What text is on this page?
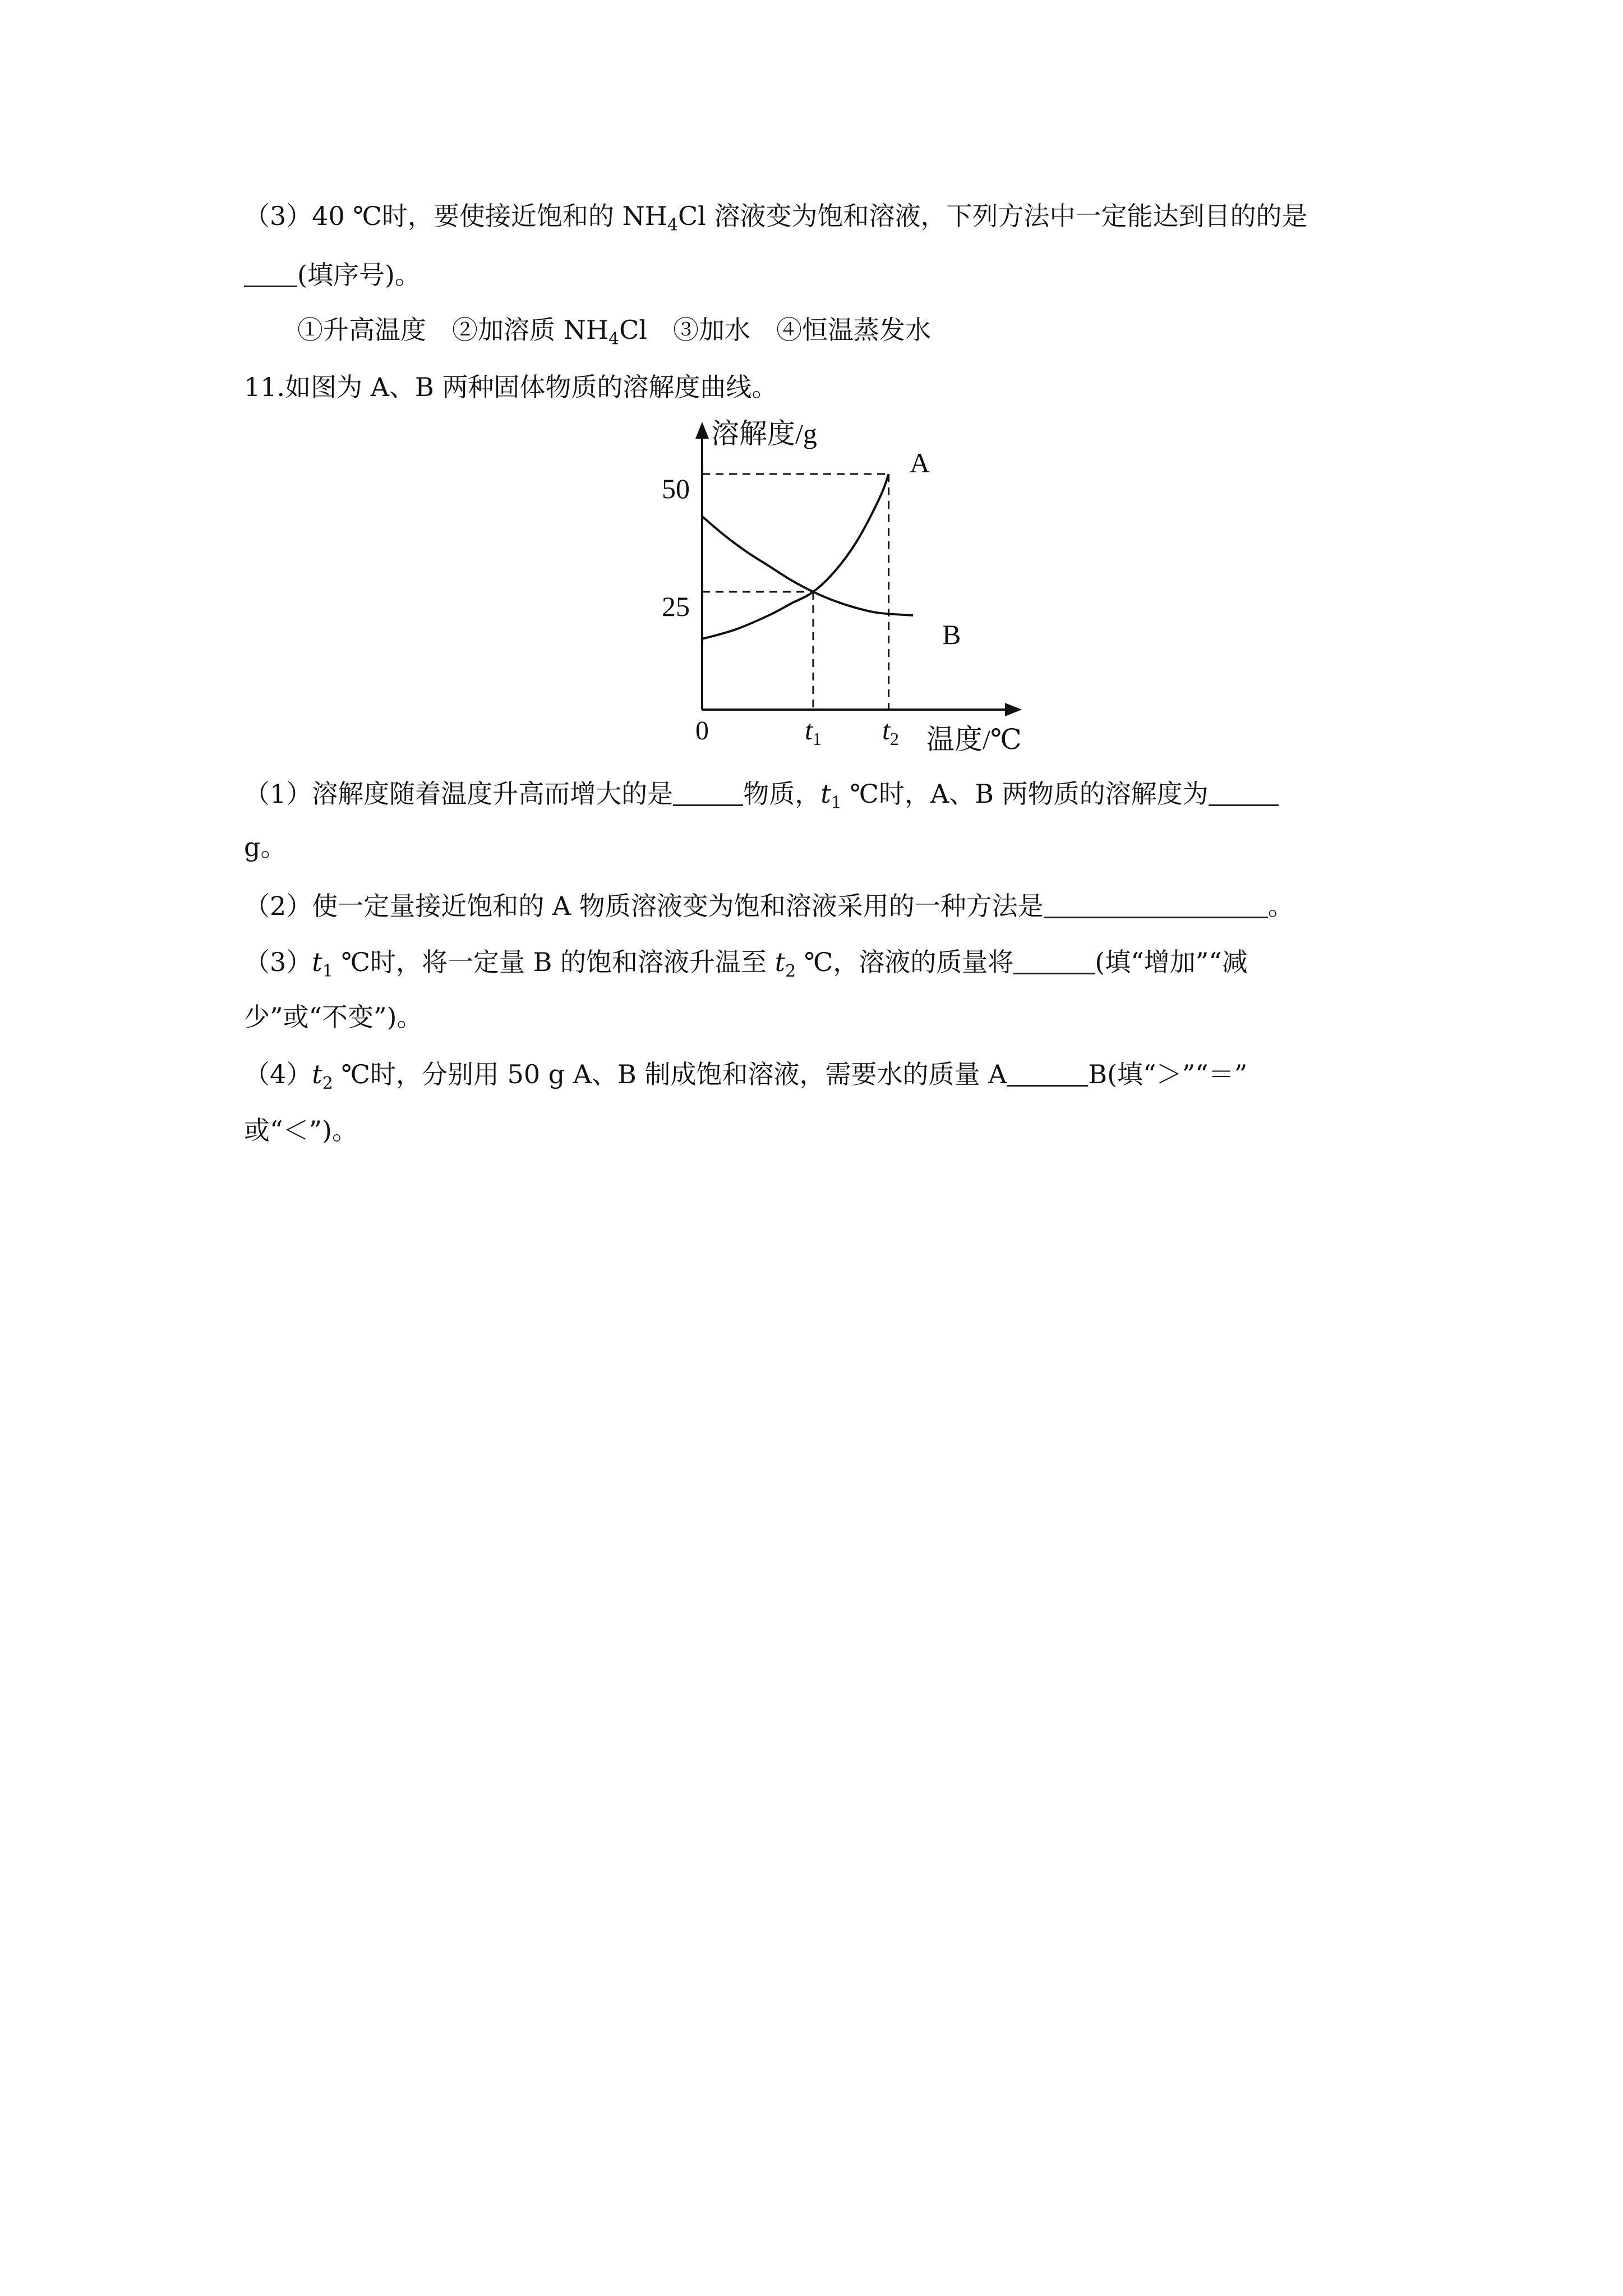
（3）40 ℃时，要使接近饱和的 $NH_4Cl$ 溶液变为饱和溶液，下列方法中一定能达到目的的是
(填序号)。
①升高温度　②加溶质 $NH_4Cl$　③加水　④恒温蒸发水
11.如图为 A、B 两种固体物质的溶解度曲线。
溶解度/g
温度/℃
0
50
25
$t_1$ $t_2$
A
B
（1）溶解度随着温度升高而增大的是	物质，$t_1$ ℃时，A、B 两物质的溶解度为
g。
（2）使一定量接近饱和的 A 物质溶液变为饱和溶液采用的一种方法是	。
$(3)t_1$ ℃时，将一定量 B 的饱和溶液升温至 $t_2$ ℃，溶液的质量将	(填“增加”“减
少”或“不变”)。
$(4)t_2$ ℃时，分别用 50 g A、B 制成饱和溶液，需要水的质量 A	B(填“＞”“＝”
或“＜”)。
